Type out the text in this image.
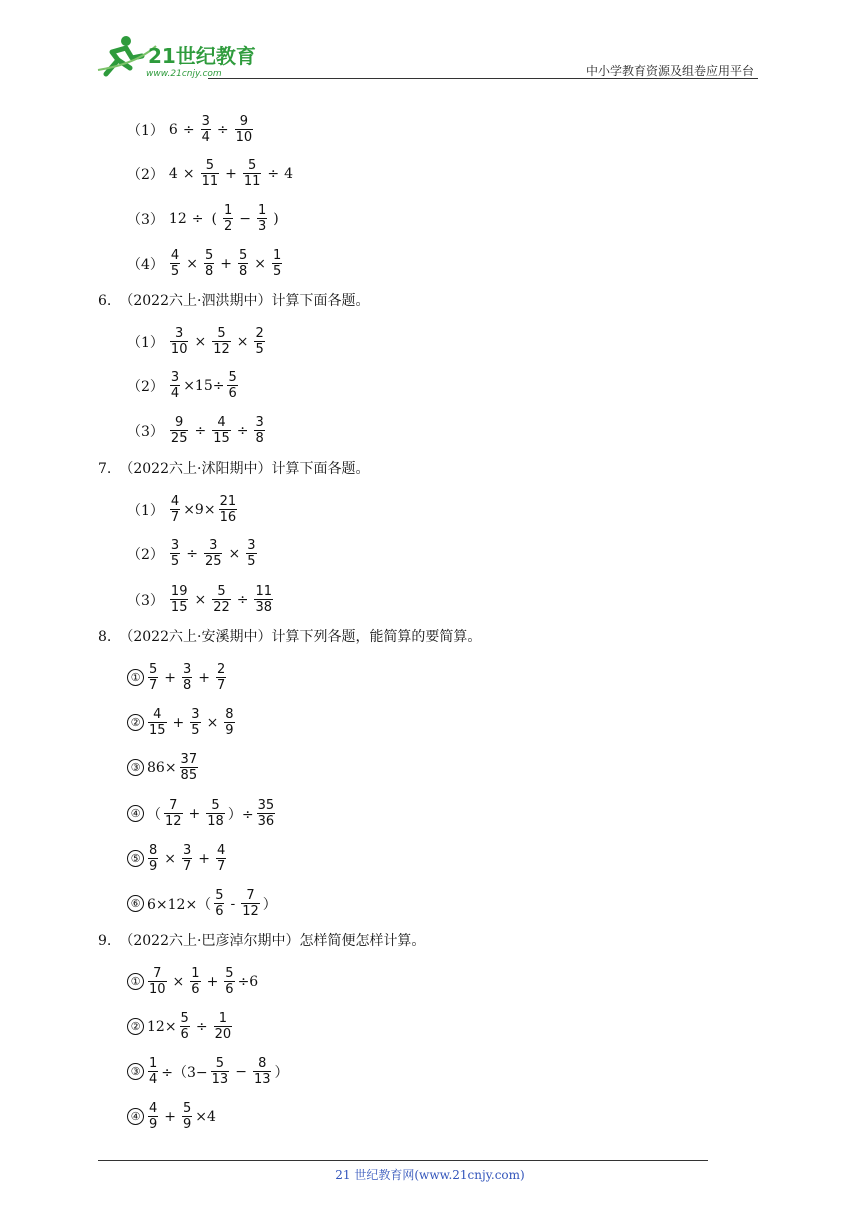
21世纪教育
www.21cnjy.com	中小学教育资源及组卷应用平台
（1） $6 \div \frac{3}{4} \div \frac{9}{10}$
（2） $4 \times \frac{5}{11} + \frac{5}{11} \div 4$
（3） 12 ÷ ( $\frac{1}{2} - \frac{1}{3}$ )
$(4) \frac{4}{5} \times \frac{5}{8} + \frac{5}{8} \times \frac{1}{5}$
6. （2022六上·泗洪期中）计算下面各题。
$(1) \frac{3}{10} \times \frac{5}{12} \times \frac{2}{5}$
$(2) \frac{3}{4} \times 15\div \frac{5}{6}$
$(3) \frac{9}{25} \div \frac{4}{15} \div \frac{3}{8}$
7. （2022六上·沭阳期中）计算下面各题。
$(1) \frac{4}{7} \times 9\times \frac{21}{16}$
$(2) \frac{3}{5} \div \frac{3}{25} \times \frac{3}{5}$
$(3) \frac{19}{15} \times \frac{5}{22} \div \frac{11}{38}$
8. （2022六上·安溪期中）计算下列各题，能简算的要简算。
① $\frac{5}{7} + \frac{3}{8} + \frac{2}{7}$
② $\frac{4}{15} + \frac{3}{5} \times \frac{8}{9}$
③ $86\times \frac{37}{85}$
④ （ $\frac{7}{12} + \frac{5}{18}$ ）÷ $\frac{35}{36}$
⑤ $\frac{8}{9} \times \frac{3}{7} + \frac{4}{7}$
⑥ $6\times 12\times( \frac{5}{6} - \frac{7}{12}$ ）
9. （2022六上·巴彦淖尔期中）怎样简便怎样计算。
① $\frac{7}{10} \times \frac{1}{6} + \frac{5}{6} \div 6$
② $12\times \frac{5}{6} \div \frac{1}{20}$
③ $\frac{1}{4} \div(3- \frac{5}{13} - \frac{8}{13}$ ）
④ $\frac{4}{9} + \frac{5}{9} \times 4$
21 世纪教育网(www.21cnjy.com)
